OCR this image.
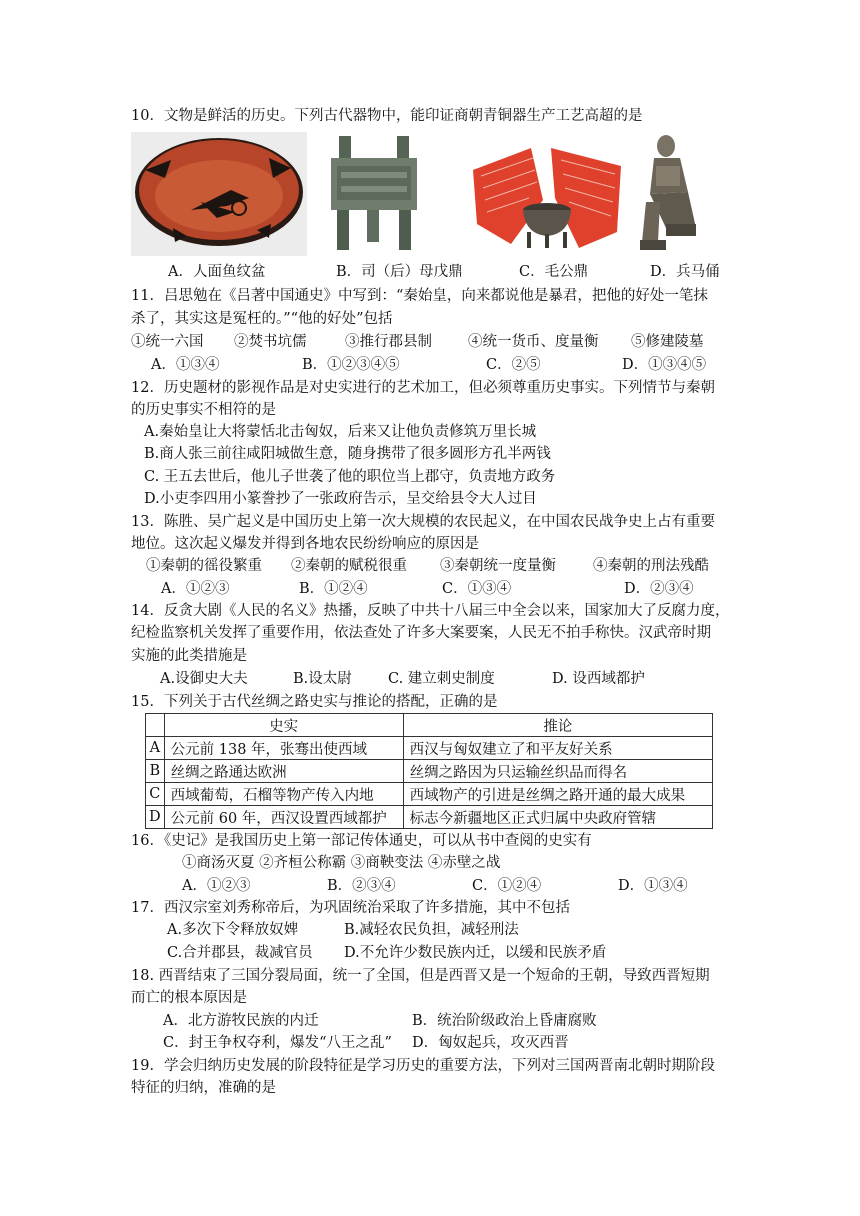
10．文物是鲜活的历史。下列古代器物中，能印证商朝青铜器生产工艺高超的是
A．人面鱼纹盆	B．司（后）母戊鼎	C．毛公鼎	D．兵马俑
11．吕思勉在《吕著中国通史》中写到：“秦始皇，向来都说他是暴君，把他的好处一笔抹
杀了，其实这是冤枉的。”“他的好处”包括
①统一六国 ②焚书坑儒	③推行郡县制 ④统一货币、度量衡 ⑤修建陵墓
A．①③④	B．①②③④⑤	C．②⑤	D．①③④⑤
12．历史题材的影视作品是对史实进行的艺术加工，但必须尊重历史事实。下列情节与秦朝
的历史事实不相符的是
A.秦始皇让大将蒙恬北击匈奴，后来又让他负责修筑万里长城
B.商人张三前往咸阳城做生意，随身携带了很多圆形方孔半两钱
C. 王五去世后，他儿子世袭了他的职位当上郡守，负责地方政务
D.小吏李四用小篆誊抄了一张政府告示，呈交给县令大人过目
13．陈胜、吴广起义是中国历史上第一次大规模的农民起义，在中国农民战争史上占有重要
地位。这次起义爆发并得到各地农民纷纷响应的原因是
①秦朝的徭役繁重 ②秦朝的赋税很重 ③秦朝统一度量衡	④秦朝的刑法残酷
A．①②③	B．①②④	C．①③④	D．②③④
14．反贪大剧《人民的名义》热播，反映了中共十八届三中全会以来，国家加大了反腐力度，
纪检监察机关发挥了重要作用，依法查处了许多大案要案，人民无不拍手称快。汉武帝时期
实施的此类措施是
A.设御史大夫	B.设太尉 C. 建立刺史制度	D. 设西域都护
15．下列关于古代丝绸之路史实与推论的搭配，正确的是
	史实	推论
A	公元前 138 年，张骞出使西域	西汉与匈奴建立了和平友好关系
B	丝绸之路通达欧洲	丝绸之路因为只运输丝织品而得名
C	西域葡萄，石榴等物产传入内地	西域物产的引进是丝绸之路开通的最大成果
D	公元前 60 年，西汉设置西域都护	标志今新疆地区正式归属中央政府管辖
16．《史记》是我国历史上第一部记传体通史，可以从书中查阅的史实有
①商汤灭夏 ②齐桓公称霸 ③商鞅变法 ④赤壁之战
A．①②③	B．②③④	C．①②④	D．①③④
17．西汉宗室刘秀称帝后，为巩固统治采取了许多措施，其中不包括
A.多次下令释放奴婢	B.减轻农民负担，减轻刑法
C.合并郡县，裁减官员 D.不允许少数民族内迁，以缓和民族矛盾
18. 西晋结束了三国分裂局面，统一了全国，但是西晋又是一个短命的王朝，导致西晋短期
而亡的根本原因是
A．北方游牧民族的内迁	B．统治阶级政治上昏庸腐败
C．封王争权夺利，爆发“八王之乱” D．匈奴起兵，攻灭西晋
19．学会归纳历史发展的阶段特征是学习历史的重要方法，下列对三国两晋南北朝时期阶段
特征的归纳，准确的是
